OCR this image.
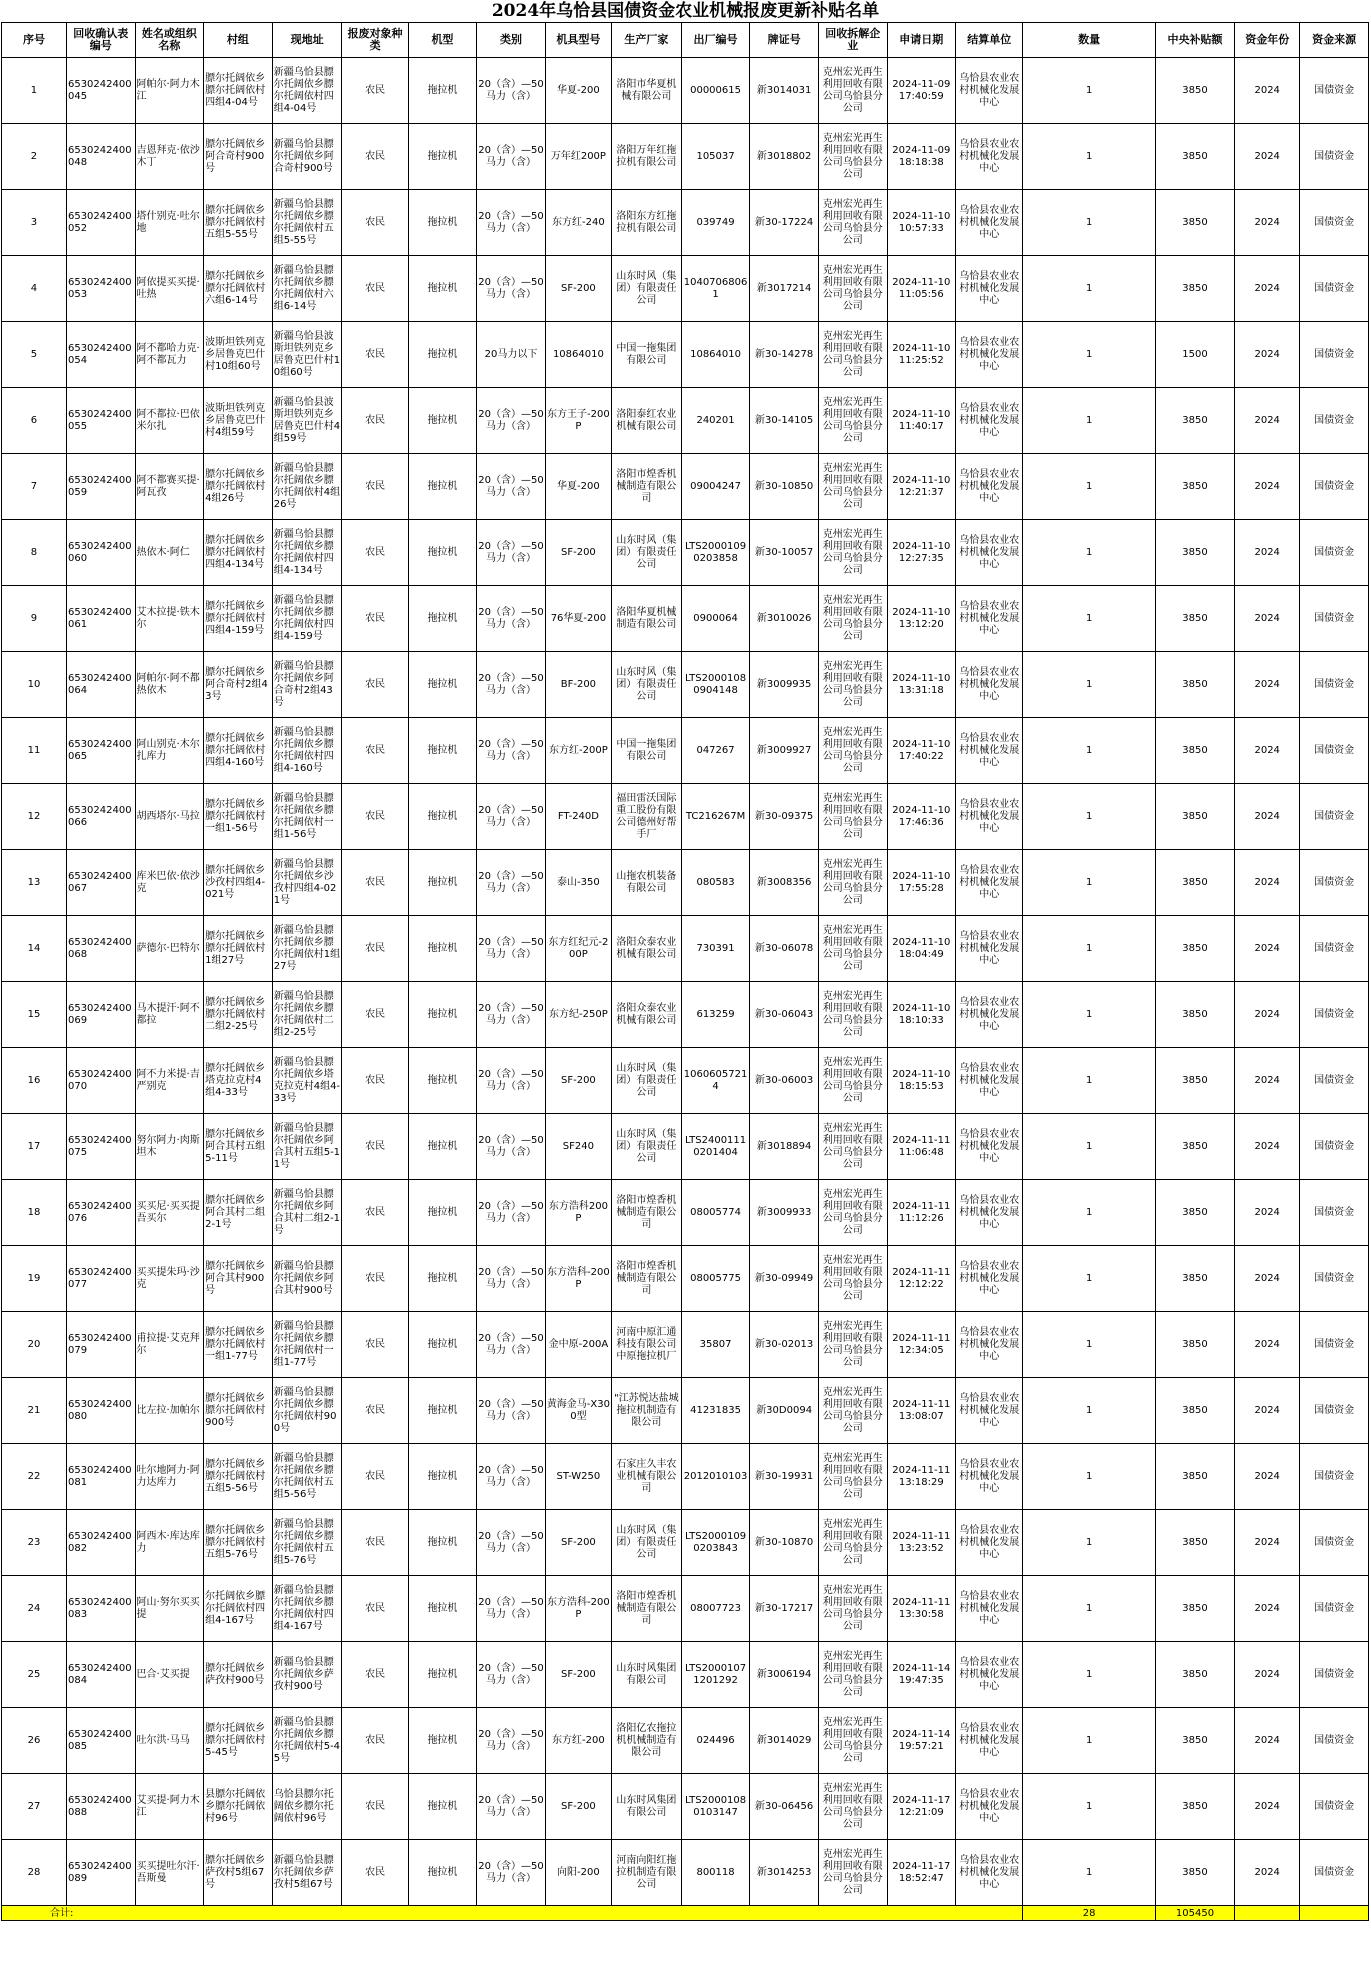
2024年乌恰县国债资金农业机械报废更新补贴名单
序号	回收确认表编号	姓名或组织名称	村组	现地址	报废对象种类	机型	类别	机具型号	生产厂家	出厂编号	牌证号	回收拆解企业	申请日期	结算单位	数量	中央补贴额	资金年份	资金来源
1	6530242400045	阿帕尔·阿力木江	膘尔托阔依乡膘尔托阔依村四组4-04号	新疆乌恰县膘尔托阔依乡膘尔托阔依村四组4-04号	农民	拖拉机	20（含）—50马力（含）	华夏-200	洛阳市华夏机械有限公司	00000615	新3014031	克州宏光再生利用回收有限公司乌恰县分公司	2024-11-09 17:40:59	乌恰县农业农村机械化发展中心	1	3850	2024	国债资金
2	6530242400048	吉恩拜克·依沙木丁	膘尔托阔依乡阿合奇村900号	新疆乌恰县膘尔托阔依乡阿合奇村900号	农民	拖拉机	20（含）—50马力（含）	万年红200P	洛阳万年红拖拉机有限公司	105037	新3018802	克州宏光再生利用回收有限公司乌恰县分公司	2024-11-09 18:18:38	乌恰县农业农村机械化发展中心	1	3850	2024	国债资金
3	6530242400052	塔什别克·吐尔地	膘尔托阔依乡膘尔托阔依村五组5-55号	新疆乌恰县膘尔托阔依乡膘尔托阔依村五组5-55号	农民	拖拉机	20（含）—50马力（含）	东方红-240	洛阳东方红拖拉机有限公司	039749	新30-17224	克州宏光再生利用回收有限公司乌恰县分公司	2024-11-10 10:57:33	乌恰县农业农村机械化发展中心	1	3850	2024	国债资金
4	6530242400053	阿依提买买提·吐热	膘尔托阔依乡膘尔托阔依村六组6-14号	新疆乌恰县膘尔托阔依乡膘尔托阔依村六组6-14号	农民	拖拉机	20（含）—50马力（含）	SF-200	山东时风（集团）有限责任公司	10407068061	新3017214	克州宏光再生利用回收有限公司乌恰县分公司	2024-11-10 11:05:56	乌恰县农业农村机械化发展中心	1	3850	2024	国债资金
5	6530242400054	阿不都哈力克·阿不都瓦力	波斯坦铁列克乡居鲁克巴什村10组60号	新疆乌恰县波斯坦铁列克乡居鲁克巴什村10组60号	农民	拖拉机	20马力以下	10864010	中国一拖集团有限公司	10864010	新30-14278	克州宏光再生利用回收有限公司乌恰县分公司	2024-11-10 11:25:52	乌恰县农业农村机械化发展中心	1	1500	2024	国债资金
6	6530242400055	阿不都拉·巴依米尔扎	波斯坦铁列克乡居鲁克巴什村4组59号	新疆乌恰县波斯坦铁列克乡居鲁克巴什村4组59号	农民	拖拉机	20（含）—50马力（含）	东方王子-200P	洛阳泰红农业机械有限公司	240201	新30-14105	克州宏光再生利用回收有限公司乌恰县分公司	2024-11-10 11:40:17	乌恰县农业农村机械化发展中心	1	3850	2024	国债资金
7	6530242400059	阿不都赛买提·阿瓦孜	膘尔托阔依乡膘尔托阔依村4组26号	新疆乌恰县膘尔托阔依乡膘尔托阔依村4组26号	农民	拖拉机	20（含）—50马力（含）	华夏-200	洛阳市煌香机械制造有限公司	09004247	新30-10850	克州宏光再生利用回收有限公司乌恰县分公司	2024-11-10 12:21:37	乌恰县农业农村机械化发展中心	1	3850	2024	国债资金
8	6530242400060	热依木·阿仁	膘尔托阔依乡膘尔托阔依村四组4-134号	新疆乌恰县膘尔托阔依乡膘尔托阔依村四组4-134号	农民	拖拉机	20（含）—50马力（含）	SF-200	山东时风（集团）有限责任公司	LTS20001090203858	新30-10057	克州宏光再生利用回收有限公司乌恰县分公司	2024-11-10 12:27:35	乌恰县农业农村机械化发展中心	1	3850	2024	国债资金
9	6530242400061	艾木拉提·铁木尔	膘尔托阔依乡膘尔托阔依村四组4-159号	新疆乌恰县膘尔托阔依乡膘尔托阔依村四组4-159号	农民	拖拉机	20（含）—50马力（含）	76华夏-200	洛阳华夏机械制造有限公司	0900064	新3010026	克州宏光再生利用回收有限公司乌恰县分公司	2024-11-10 13:12:20	乌恰县农业农村机械化发展中心	1	3850	2024	国债资金
10	6530242400064	阿帕尔·阿不都热依木	膘尔托阔依乡阿合奇村2组43号	新疆乌恰县膘尔托阔依乡阿合奇村2组43号	农民	拖拉机	20（含）—50马力（含）	BF-200	山东时风（集团）有限责任公司	LTS20001080904148	新3009935	克州宏光再生利用回收有限公司乌恰县分公司	2024-11-10 13:31:18	乌恰县农业农村机械化发展中心	1	3850	2024	国债资金
11	6530242400065	阿山别克·木尔扎库力	膘尔托阔依乡膘尔托阔依村四组4-160号	新疆乌恰县膘尔托阔依乡膘尔托阔依村四组4-160号	农民	拖拉机	20（含）—50马力（含）	东方红-200P	中国一拖集团有限公司	047267	新3009927	克州宏光再生利用回收有限公司乌恰县分公司	2024-11-10 17:40:22	乌恰县农业农村机械化发展中心	1	3850	2024	国债资金
12	6530242400066	胡西塔尔·马拉	膘尔托阔依乡膘尔托阔依村一组1-56号	新疆乌恰县膘尔托阔依乡膘尔托阔依村一组1-56号	农民	拖拉机	20（含）—50马力（含）	FT-240D	福田雷沃国际重工股份有限公司德州好帮手厂	TC216267M	新30-09375	克州宏光再生利用回收有限公司乌恰县分公司	2024-11-10 17:46:36	乌恰县农业农村机械化发展中心	1	3850	2024	国债资金
13	6530242400067	库米巴依·依沙克	膘尔托阔依乡沙孜村四组4-021号	新疆乌恰县膘尔托阔依乡沙孜村四组4-021号	农民	拖拉机	20（含）—50马力（含）	泰山-350	山拖农机装备有限公司	080583	新3008356	克州宏光再生利用回收有限公司乌恰县分公司	2024-11-10 17:55:28	乌恰县农业农村机械化发展中心	1	3850	2024	国债资金
14	6530242400068	萨德尔·巴特尔	膘尔托阔依乡膘尔托阔依村1组27号	新疆乌恰县膘尔托阔依乡膘尔托阔依村1组27号	农民	拖拉机	20（含）—50马力（含）	东方红纪元-200P	洛阳众泰农业机械有限公司	730391	新30-06078	克州宏光再生利用回收有限公司乌恰县分公司	2024-11-10 18:04:49	乌恰县农业农村机械化发展中心	1	3850	2024	国债资金
15	6530242400069	马木提汗·阿不都拉	膘尔托阔依乡膘尔托阔依村二组2-25号	新疆乌恰县膘尔托阔依乡膘尔托阔依村二组2-25号	农民	拖拉机	20（含）—50马力（含）	东方纪-250P	洛阳众泰农业机械有限公司	613259	新30-06043	克州宏光再生利用回收有限公司乌恰县分公司	2024-11-10 18:10:33	乌恰县农业农村机械化发展中心	1	3850	2024	国债资金
16	6530242400070	阿不力米提·吉严别克	膘尔托阔依乡塔克拉克村4组4-33号	新疆乌恰县膘尔托阔依乡塔克拉克村4组4-33号	农民	拖拉机	20（含）—50马力（含）	SF-200	山东时风（集团）有限责任公司	10606057214	新30-06003	克州宏光再生利用回收有限公司乌恰县分公司	2024-11-10 18:15:53	乌恰县农业农村机械化发展中心	1	3850	2024	国债资金
17	6530242400075	努尔阿力·肉斯坦木	膘尔托阔依乡阿合其村五组5-11号	新疆乌恰县膘尔托阔依乡阿合其村五组5-11号	农民	拖拉机	20（含）—50马力（含）	SF240	山东时风（集团）有限责任公司	LTS24001110201404	新3018894	克州宏光再生利用回收有限公司乌恰县分公司	2024-11-11 11:06:48	乌恰县农业农村机械化发展中心	1	3850	2024	国债资金
18	6530242400076	买买尼·买买提吾买尔	膘尔托阔依乡阿合其村二组2-1号	新疆乌恰县膘尔托阔依乡阿合其村二组2-1号	农民	拖拉机	20（含）—50马力（含）	东方浩科200P	洛阳市煌香机械制造有限公司	08005774	新3009933	克州宏光再生利用回收有限公司乌恰县分公司	2024-11-11 11:12:26	乌恰县农业农村机械化发展中心	1	3850	2024	国债资金
19	6530242400077	买买提朱玛·沙克	膘尔托阔依乡阿合其村900号	新疆乌恰县膘尔托阔依乡阿合其村900号	农民	拖拉机	20（含）—50马力（含）	东方浩科-200P	洛阳市煌香机械制造有限公司	08005775	新30-09949	克州宏光再生利用回收有限公司乌恰县分公司	2024-11-11 12:12:22	乌恰县农业农村机械化发展中心	1	3850	2024	国债资金
20	6530242400079	甫拉提·艾克拜尔	膘尔托阔依乡膘尔托阔依村一组1-77号	新疆乌恰县膘尔托阔依乡膘尔托阔依村一组1-77号	农民	拖拉机	20（含）—50马力（含）	金中原-200A	河南中原汇通科技有限公司中原拖拉机厂	35807	新30-02013	克州宏光再生利用回收有限公司乌恰县分公司	2024-11-11 12:34:05	乌恰县农业农村机械化发展中心	1	3850	2024	国债资金
21	6530242400080	比左拉·加帕尔	膘尔托阔依乡膘尔托阔依村900号	新疆乌恰县膘尔托阔依乡膘尔托阔依村900号	农民	拖拉机	20（含）—50马力（含）	黄海金马-X300型	"江苏悦达盐城拖拉机制造有限公司	41231835	新30D0094	克州宏光再生利用回收有限公司乌恰县分公司	2024-11-11 13:08:07	乌恰县农业农村机械化发展中心	1	3850	2024	国债资金
22	6530242400081	吐尔地阿力·阿力达库力	膘尔托阔依乡膘尔托阔依村五组5-56号	新疆乌恰县膘尔托阔依乡膘尔托阔依村五组5-56号	农民	拖拉机	20（含）—50马力（含）	ST-W250	石家庄久丰农业机械有限公司	2012010103	新30-19931	克州宏光再生利用回收有限公司乌恰县分公司	2024-11-11 13:18:29	乌恰县农业农村机械化发展中心	1	3850	2024	国债资金
23	6530242400082	阿西木·库达库力	膘尔托阔依乡膘尔托阔依村五组5-76号	新疆乌恰县膘尔托阔依乡膘尔托阔依村五组5-76号	农民	拖拉机	20（含）—50马力（含）	SF-200	山东时风（集团）有限责任公司	LTS20001090203843	新30-10870	克州宏光再生利用回收有限公司乌恰县分公司	2024-11-11 13:23:52	乌恰县农业农村机械化发展中心	1	3850	2024	国债资金
24	6530242400083	阿山·努尔买买提	尔托阔依乡膘尔托阔依村四组4-167号	新疆乌恰县膘尔托阔依乡膘尔托阔依村四组4-167号	农民	拖拉机	20（含）—50马力（含）	东方浩科-200P	洛阳市煌香机械制造有限公司	08007723	新30-17217	克州宏光再生利用回收有限公司乌恰县分公司	2024-11-11 13:30:58	乌恰县农业农村机械化发展中心	1	3850	2024	国债资金
25	6530242400084	巴合·艾买提	膘尔托阔依乡萨孜村900号	新疆乌恰县膘尔托阔依乡萨孜村900号	农民	拖拉机	20（含）—50马力（含）	SF-200	山东时风集团有限公司	LTS20001071201292	新3006194	克州宏光再生利用回收有限公司乌恰县分公司	2024-11-14 19:47:35	乌恰县农业农村机械化发展中心	1	3850	2024	国债资金
26	6530242400085	吐尔洪·马马	膘尔托阔依乡膘尔托阔依村5-45号	新疆乌恰县膘尔托阔依乡膘尔托阔依村5-45号	农民	拖拉机	20（含）—50马力（含）	东方红-200	洛阳亿农拖拉机机械制造有限公司	024496	新3014029	克州宏光再生利用回收有限公司乌恰县分公司	2024-11-14 19:57:21	乌恰县农业农村机械化发展中心	1	3850	2024	国债资金
27	6530242400088	艾买提·阿力木江	县膘尔托阔依乡膘尔托阔依村96号	乌恰县膘尔托阔依乡膘尔托阔依村96号	农民	拖拉机	20（含）—50马力（含）	SF-200	山东时风集团有限公司	LTS20001080103147	新30-06456	克州宏光再生利用回收有限公司乌恰县分公司	2024-11-17 12:21:09	乌恰县农业农村机械化发展中心	1	3850	2024	国债资金
28	6530242400089	买买提吐尔汗·吾斯曼	膘尔托阔依乡萨孜村5组67号	新疆乌恰县膘尔托阔依乡萨孜村5组67号	农民	拖拉机	20（含）—50马力（含）	向阳-200	河南向阳红拖拉机制造有限公司	800118	新3014253	克州宏光再生利用回收有限公司乌恰县分公司	2024-11-17 18:52:47	乌恰县农业农村机械化发展中心	1	3850	2024	国债资金
合计:															28	105450		
